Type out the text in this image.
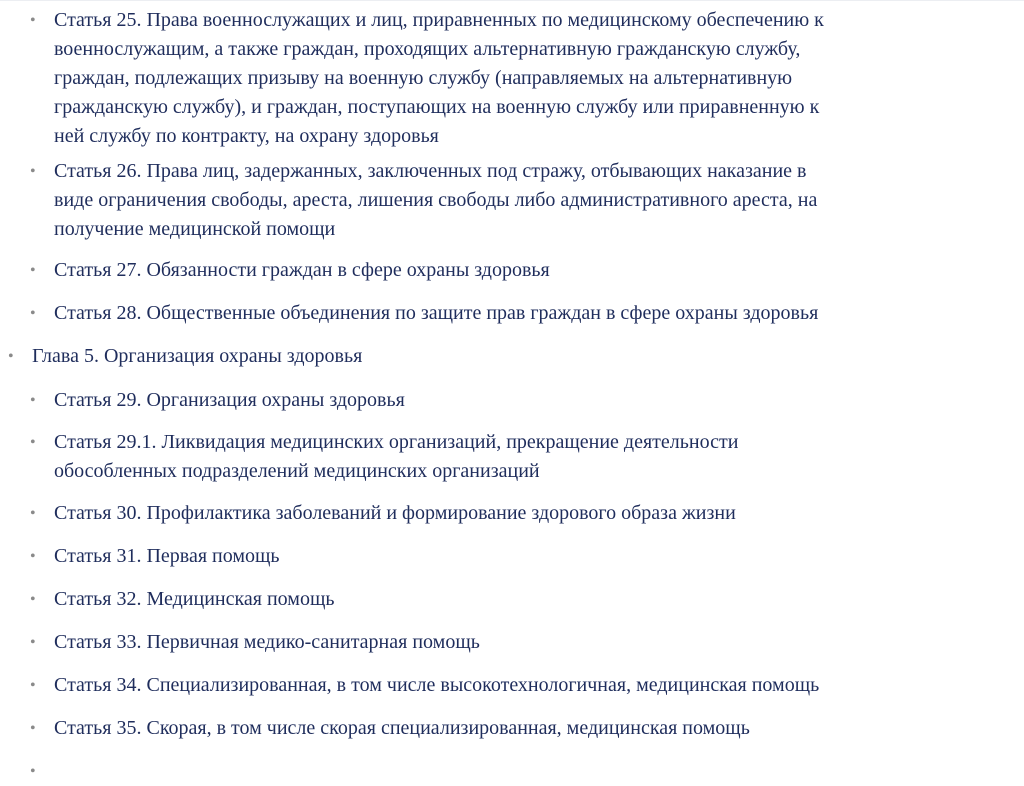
• Статья 25. Права военнослужащих и лиц, приравненных по медицинскому обеспечению к
военнослужащим, а также граждан, проходящих альтернативную гражданскую службу,
граждан, подлежащих призыву на военную службу (направляемых на альтернативную
гражданскую службу), и граждан, поступающих на военную службу или приравненную к
ней службу по контракту, на охрану здоровья
• Статья 26. Права лиц, задержанных, заключенных под стражу, отбывающих наказание в
виде ограничения свободы, ареста, лишения свободы либо административного ареста, на
получение медицинской помощи
• Статья 27. Обязанности граждан в сфере охраны здоровья
• Статья 28. Общественные объединения по защите прав граждан в сфере охраны здоровья
• Глава 5. Организация охраны здоровья
• Статья 29. Организация охраны здоровья
• Статья 29.1. Ликвидация медицинских организаций, прекращение деятельности
обособленных подразделений медицинских организаций
• Статья 30. Профилактика заболеваний и формирование здорового образа жизни
• Статья 31. Первая помощь
• Статья 32. Медицинская помощь
• Статья 33. Первичная медико-санитарная помощь
• Статья 34. Специализированная, в том числе высокотехнологичная, медицинская помощь
• Статья 35. Скорая, в том числе скорая специализированная, медицинская помощь
•
